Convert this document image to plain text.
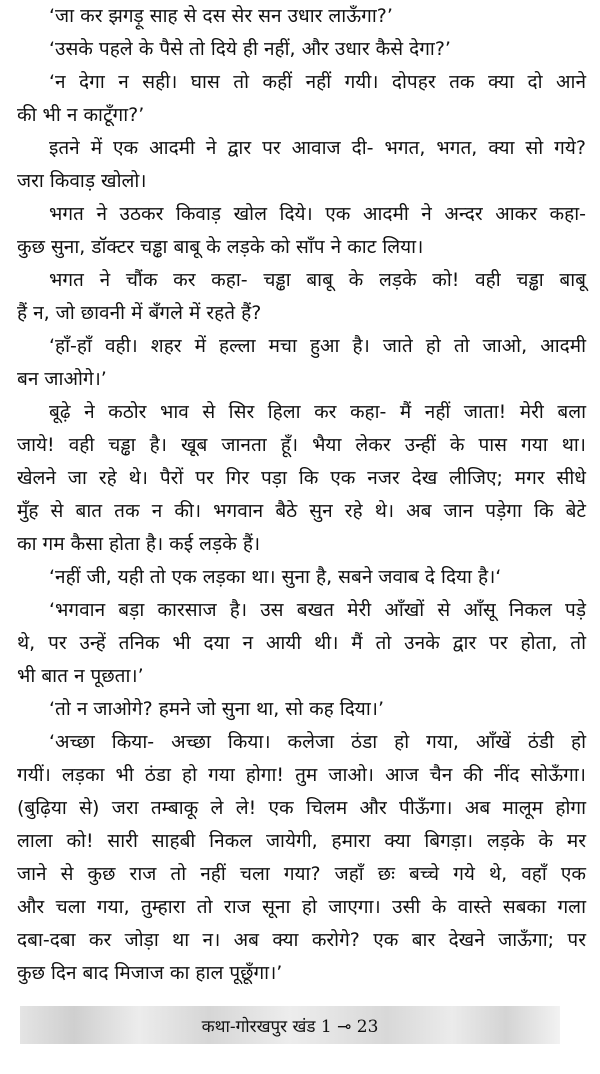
‘जा कर झगड़ू साह से दस सेर सन उधार लाऊँगा?’
‘उसके पहले के पैसे तो दिये ही नहीं, और उधार कैसे देगा?’
‘न देगा न सही। घास तो कहीं नहीं गयी। दोपहर तक क्या दो आने
की भी न काटूँगा?’
इतने में एक आदमी ने द्वार पर आवाज दी- भगत, भगत, क्या सो गये?
जरा किवाड़ खोलो।
भगत ने उठकर किवाड़ खोल दिये। एक आदमी ने अन्दर आकर कहा-
कुछ सुना, डॉक्टर चड्ढा बाबू के लड़के को साँप ने काट लिया।
भगत ने चौंक कर कहा- चड्ढा बाबू के लड़के को! वही चड्ढा बाबू
हैं न, जो छावनी में बँगले में रहते हैं?
‘हाँ-हाँ वही। शहर में हल्ला मचा हुआ है। जाते हो तो जाओ, आदमी
बन जाओगे।’
बूढ़े ने कठोर भाव से सिर हिला कर कहा- मैं नहीं जाता! मेरी बला
जाये! वही चड्ढा है। खूब जानता हूँ। भैया लेकर उन्हीं के पास गया था।
खेलने जा रहे थे। पैरों पर गिर पड़ा कि एक नजर देख लीजिए; मगर सीधे
मुँह से बात तक न की। भगवान बैठे सुन रहे थे। अब जान पड़ेगा कि बेटे
का गम कैसा होता है। कई लड़के हैं।
‘नहीं जी, यही तो एक लड़का था। सुना है, सबने जवाब दे दिया है।‘
‘भगवान बड़ा कारसाज है। उस बखत मेरी आँखों से आँसू निकल पड़े
थे, पर उन्हें तनिक भी दया न आयी थी। मैं तो उनके द्वार पर होता, तो
भी बात न पूछता।’
‘तो न जाओगे? हमने जो सुना था, सो कह दिया।’
‘अच्छा किया- अच्छा किया। कलेजा ठंडा हो गया, आँखें ठंडी हो
गयीं। लड़का भी ठंडा हो गया होगा! तुम जाओ। आज चैन की नींद सोऊँगा।
(बुढ़िया से) जरा तम्बाकू ले ले! एक चिलम और पीऊँगा। अब मालूम होगा
लाला को! सारी साहबी निकल जायेगी, हमारा क्या बिगड़ा। लड़के के मर
जाने से कुछ राज तो नहीं चला गया? जहाँ छः बच्चे गये थे, वहाँ एक
और चला गया, तुम्हारा तो राज सूना हो जाएगा। उसी के वास्ते सबका गला
दबा-दबा कर जोड़ा था न। अब क्या करोगे? एक बार देखने जाऊँगा; पर
कुछ दिन बाद मिजाज का हाल पूछूँगा।’
कथा-गोरखपुर खंड 1 ⊸ 23
